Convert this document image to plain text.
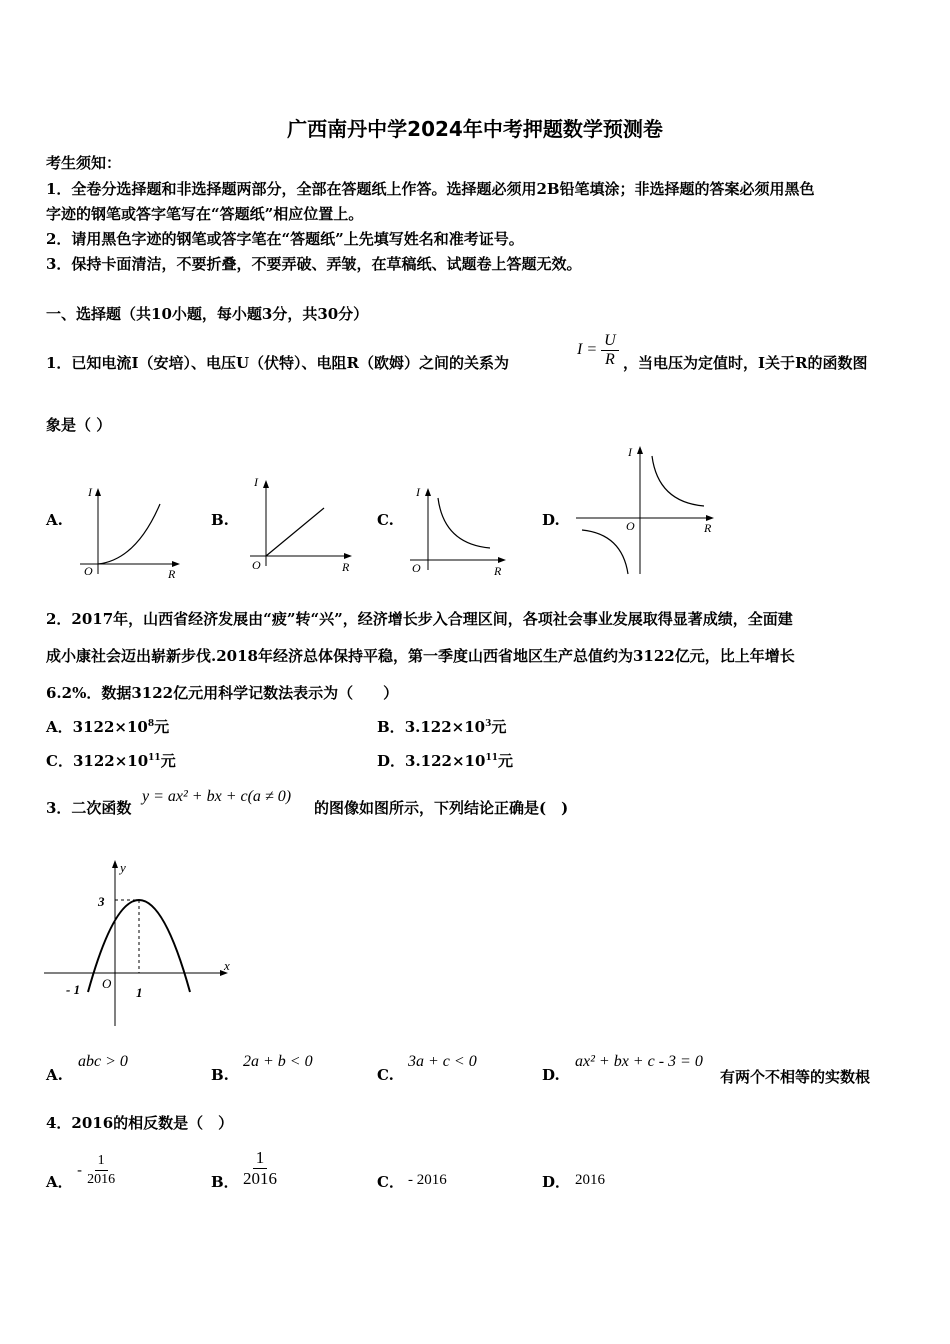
广西南丹中学2024年中考押题数学预测卷
考生须知：
1．全卷分选择题和非选择题两部分，全部在答题纸上作答。选择题必须用2B铅笔填涂；非选择题的答案必须用黑色
字迹的钢笔或答字笔写在“答题纸”相应位置上。
2．请用黑色字迹的钢笔或答字笔在“答题纸”上先填写姓名和准考证号。
3．保持卡面清洁，不要折叠，不要弄破、弄皱，在草稿纸、试题卷上答题无效。
一、选择题（共10小题，每小题3分，共30分）
1．已知电流I（安培）、电压U（伏特）、电阻R（欧姆）之间的关系为
$I = \frac{U}{R}$ ，当电压为定值时，I关于R的函数图
象是（ ）
A.	B.	C.	D.
O	R
I
O	R
I
O	R
I
O	R
I
2．2017年，山西省经济发展由“疲”转“兴”，经济增长步入合理区间，各项社会事业发展取得显著成绩，全面建
成小康社会迈出崭新步伐.2018年经济总体保持平稳，第一季度山西省地区生产总值约为3122亿元，比上年增长
6.2%．数据3122亿元用科学记数法表示为（　　）
A．$3122\times 10^8$元	B．$3.122\times 10^3$元
C．$3122\times 10^{11}$元	D．$3.122\times 10^{11}$元
3．二次函数
y = ax² + bx + c(a ≠ 0)
的图像如图所示，下列结论正确是(　)
y
x
3
- 1 O
1
A.
abc > 0
B.
2a + b < 0
C.
3a + c < 0
D.
ax² + bx + c - 3 = 0
有两个不相等的实数根
4．2016的相反数是（　）
A．
- $\frac{1}{2016}$	B． $\frac{1}{2016}$	C． - 2016	D． 2016
